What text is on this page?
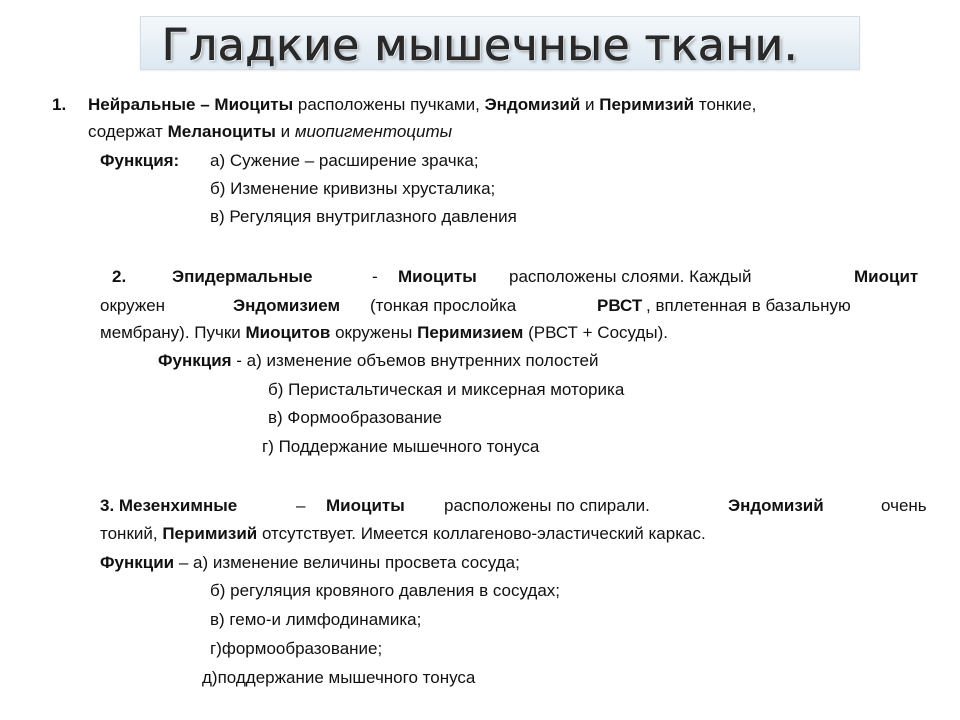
Гладкие мышечные ткани.
1. Нейральные – Миоциты расположены пучками, Эндомизий и Перимизий тонкие,
содержат Меланоциты и миопигментоциты
Функция: а) Сужение – расширение зрачка;
б) Изменение кривизны хрусталика;
в) Регуляция внутриглазного давления
2.	Эпидермальные	- Миоциты расположены слоями. Каждый	Миоцит
окружен	Эндомизием (тонкая прослойка	РВСТ , вплетенная в базальную
мембрану). Пучки Миоцитов окружены Перимизием (РВСТ + Сосуды).
Функция - а) изменение объемов внутренних полостей
б) Перистальтическая и миксерная моторика
в) Формообразование
г) Поддержание мышечного тонуса
3. Мезенхимные	– Миоциты расположены по спирали.	Эндомизий	очень
тонкий, Перимизий отсутствует. Имеется коллагеново-эластический каркас.
Функции – а) изменение величины просвета сосуда;
б) регуляция кровяного давления в сосудах;
в) гемо-и лимфодинамика;
г)формообразование;
д)поддержание мышечного тонуса
